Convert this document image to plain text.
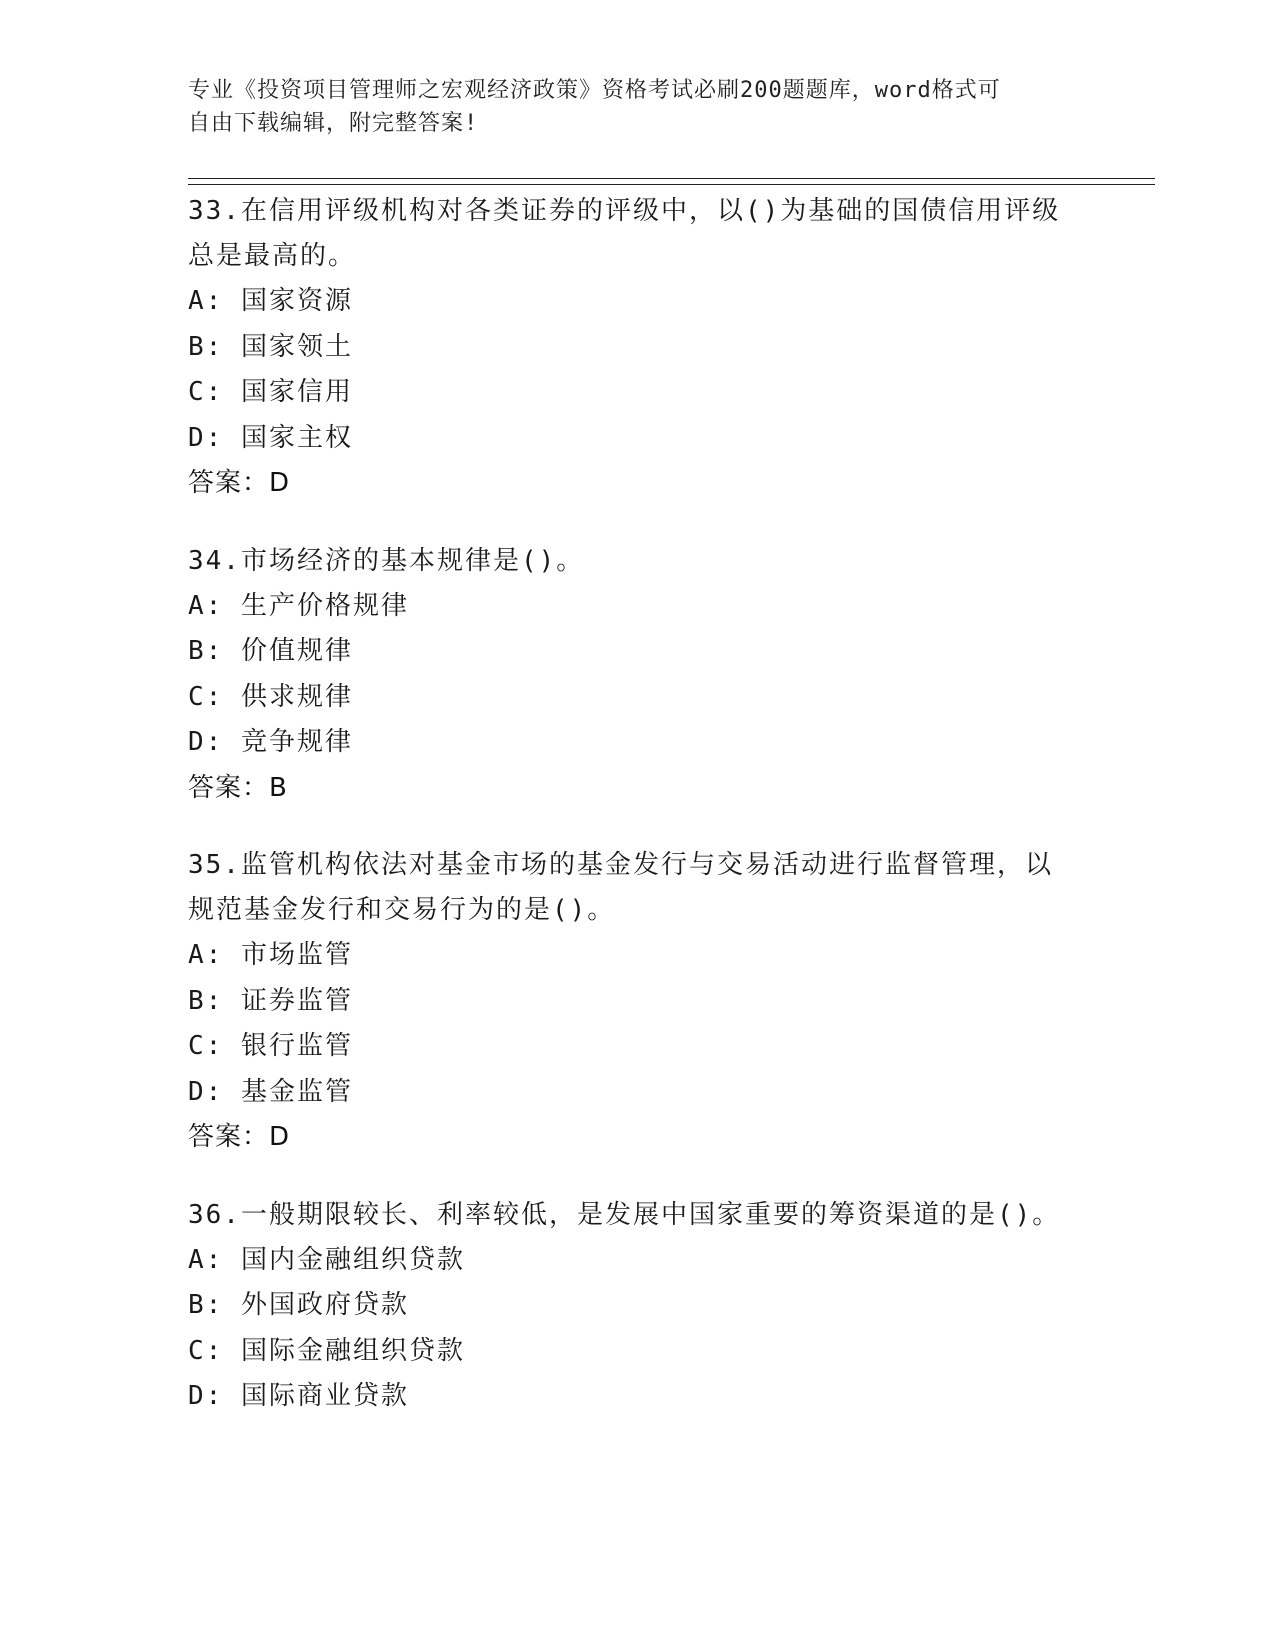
专业《投资项目管理师之宏观经济政策》资格考试必刷200题题库，word格式可
自由下载编辑，附完整答案!

33.在信用评级机构对各类证券的评级中，以()为基础的国债信用评级

总是最高的。

A: 国家资源

B: 国家领土

C: 国家信用

D: 国家主权

答案：D

34.市场经济的基本规律是()。

A: 生产价格规律

B: 价值规律

C: 供求规律

D: 竞争规律

答案：B

35.监管机构依法对基金市场的基金发行与交易活动进行监督管理，以

规范基金发行和交易行为的是()。

A: 市场监管

B: 证券监管

C: 银行监管

D: 基金监管

答案：D

36.一般期限较长、利率较低，是发展中国家重要的筹资渠道的是()。

A: 国内金融组织贷款

B: 外国政府贷款

C: 国际金融组织贷款

D: 国际商业贷款
